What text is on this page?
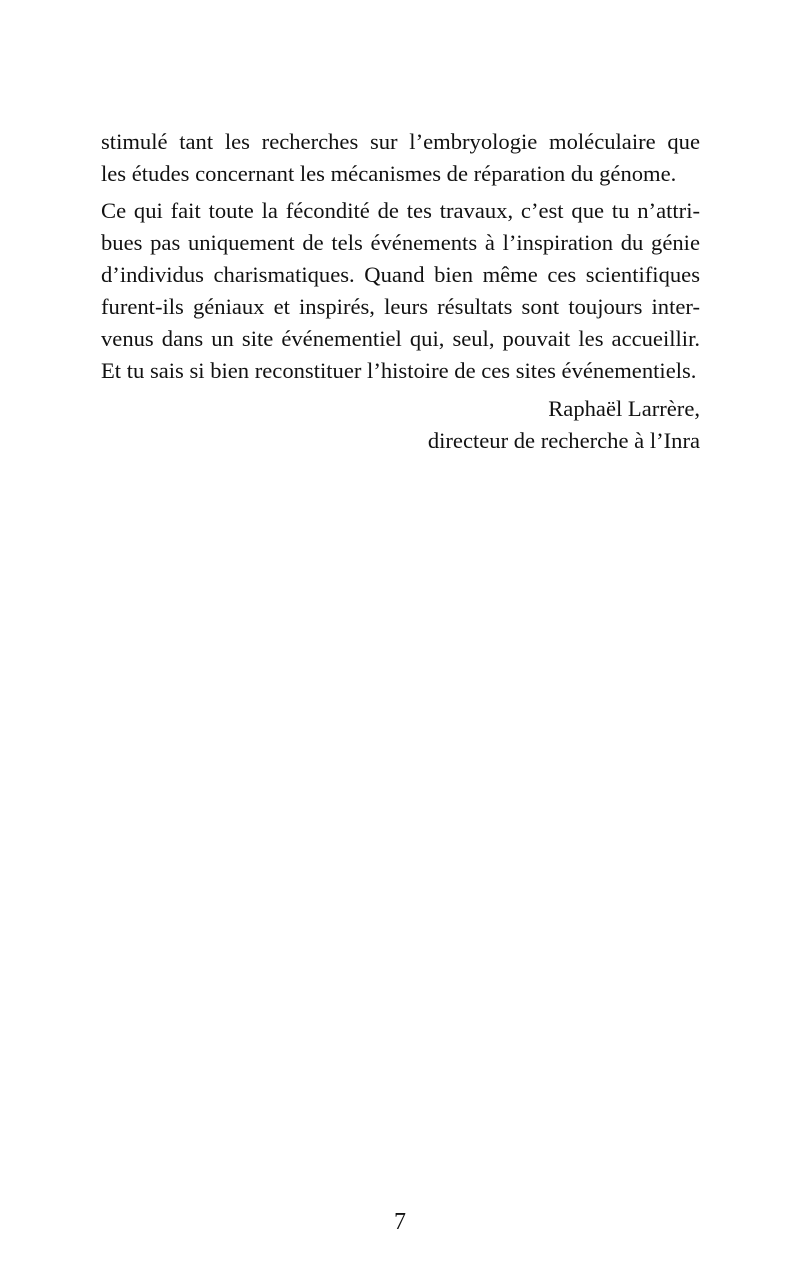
stimulé tant les recherches sur l’embryologie moléculaire que
les études concernant les mécanismes de réparation du génome.

Ce qui fait toute la fécondité de tes travaux, c’est que tu n’attri-
bues pas uniquement de tels événements à l’inspiration du génie
d’individus charismatiques. Quand bien même ces scientifiques
furent-ils géniaux et inspirés, leurs résultats sont toujours inter-
venus dans un site événementiel qui, seul, pouvait les accueillir.
Et tu sais si bien reconstituer l’histoire de ces sites événementiels.

Raphaël Larrère,
directeur de recherche à l’Inra
7
